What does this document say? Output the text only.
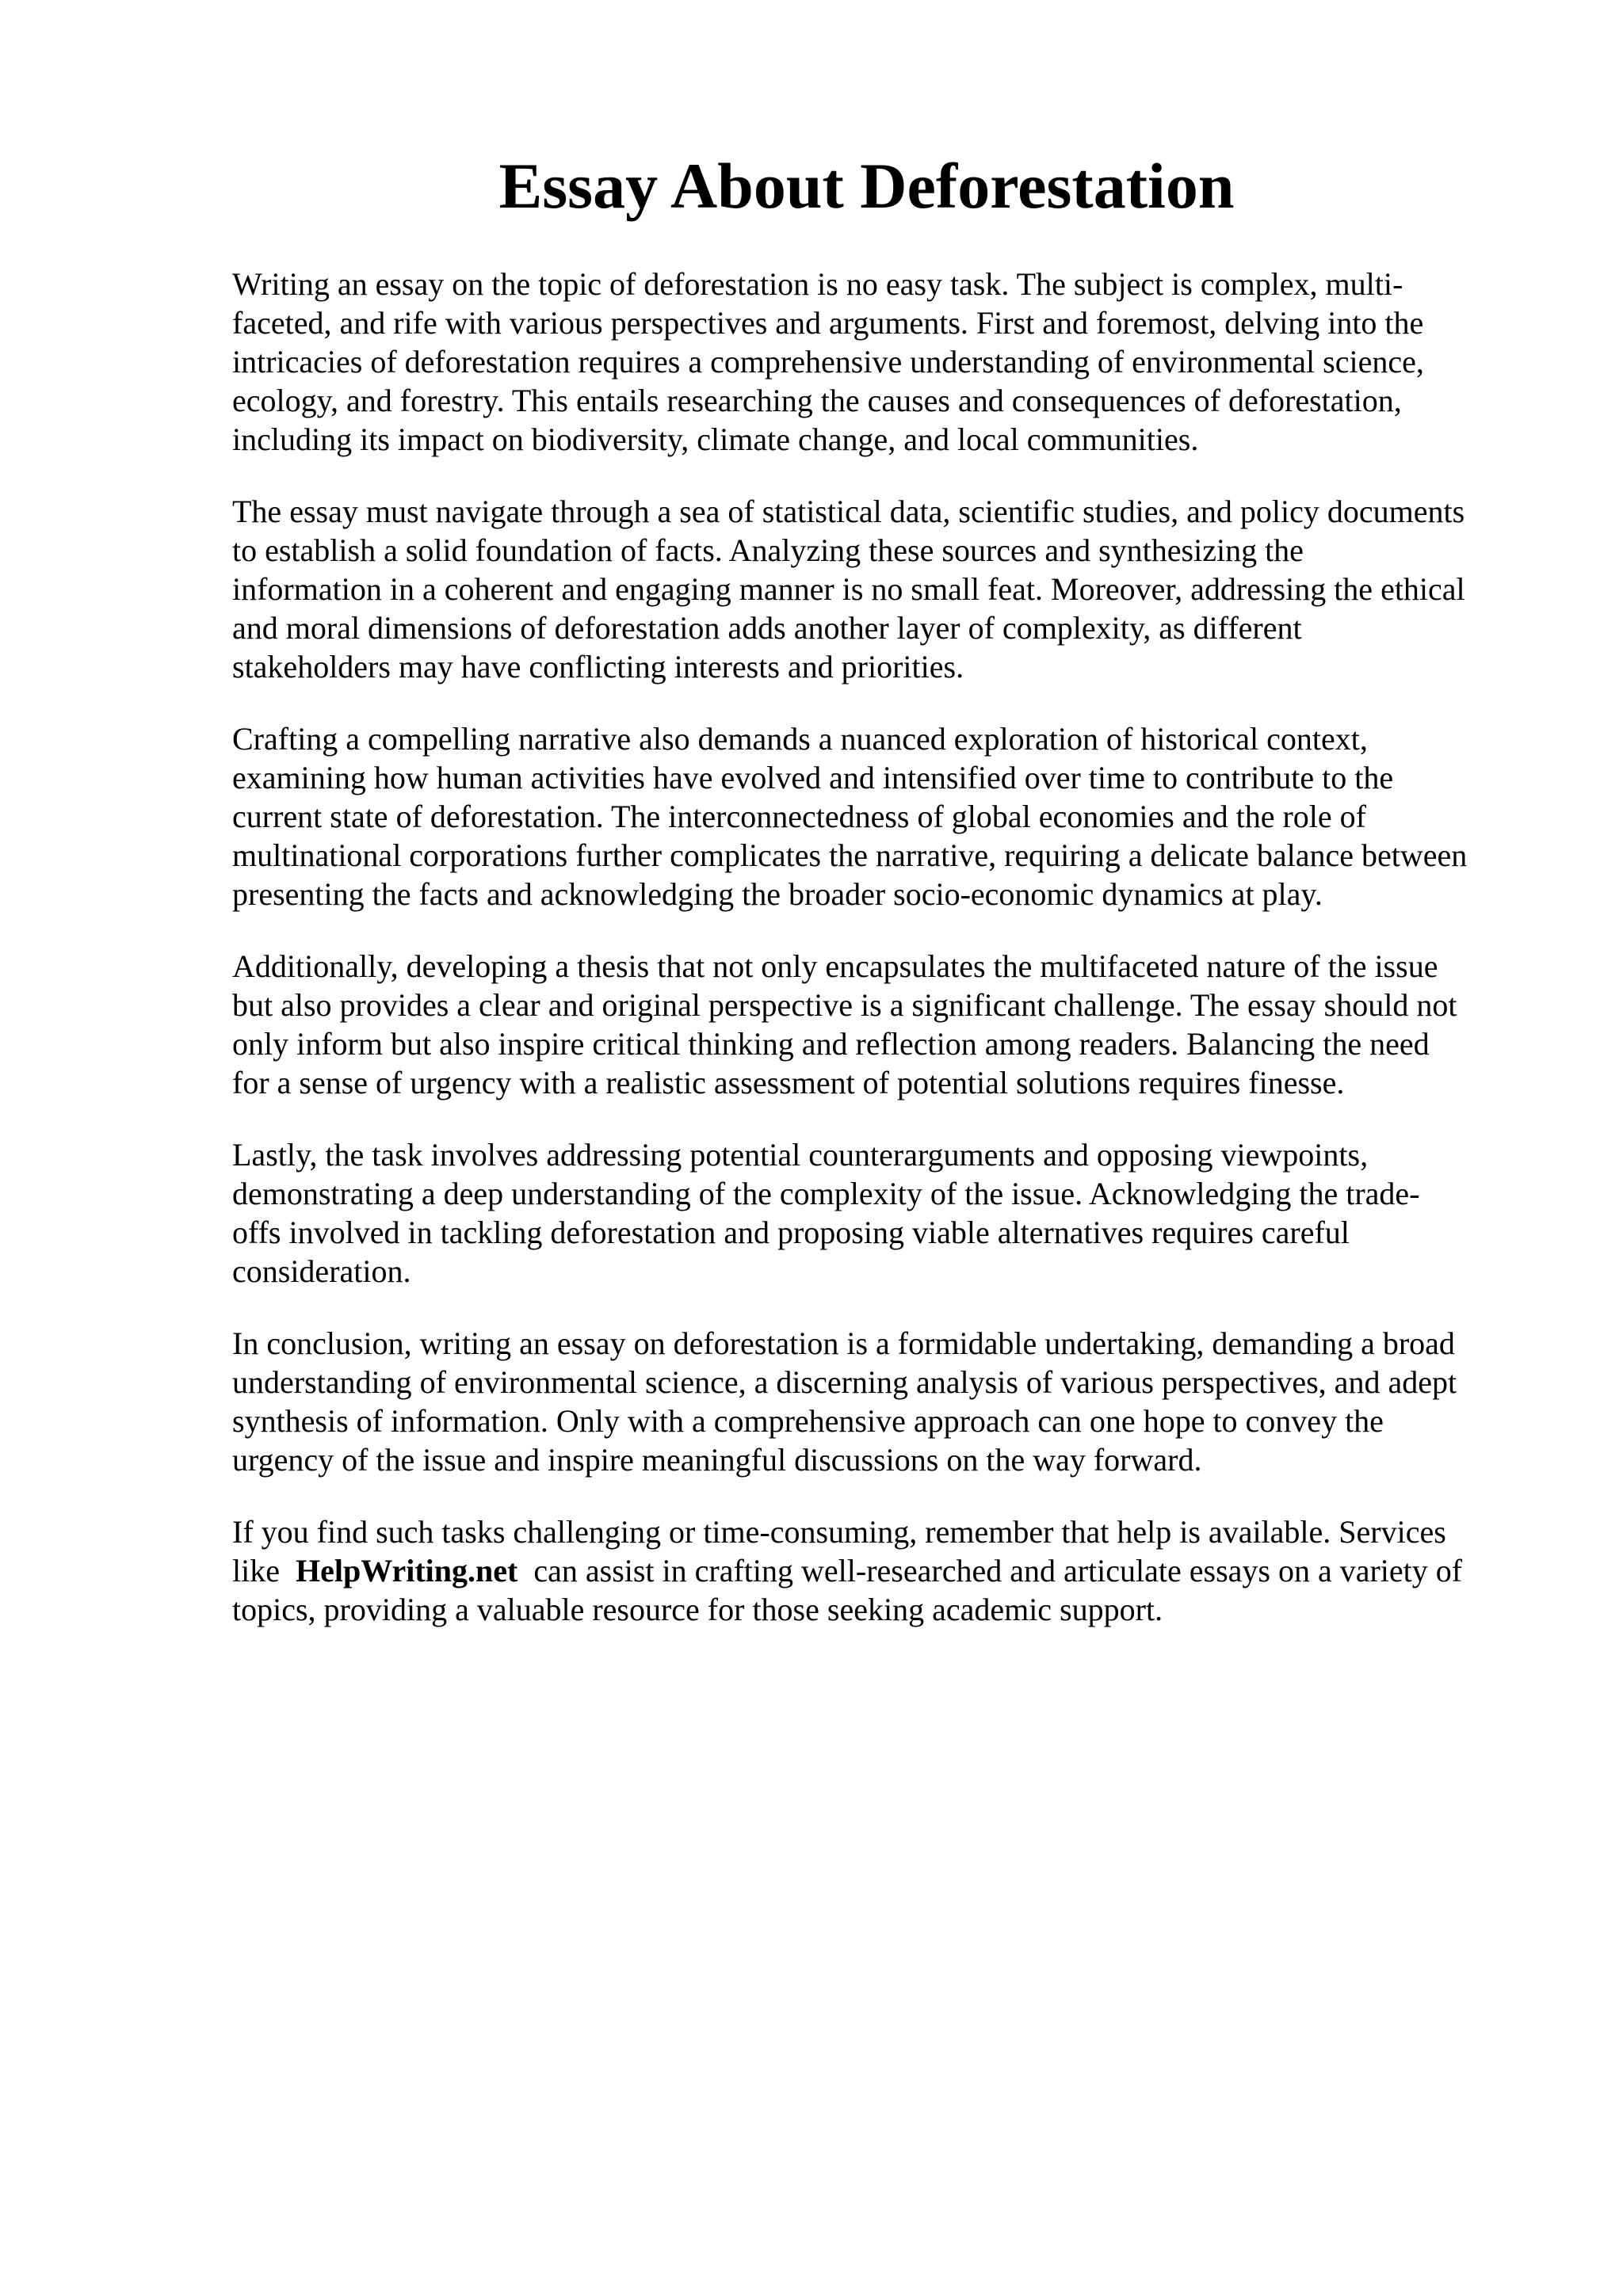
Essay About Deforestation

Writing an essay on the topic of deforestation is no easy task. The subject is complex, multi-
faceted, and rife with various perspectives and arguments. First and foremost, delving into the
intricacies of deforestation requires a comprehensive understanding of environmental science,
ecology, and forestry. This entails researching the causes and consequences of deforestation,
including its impact on biodiversity, climate change, and local communities.

The essay must navigate through a sea of statistical data, scientific studies, and policy documents
to establish a solid foundation of facts. Analyzing these sources and synthesizing the
information in a coherent and engaging manner is no small feat. Moreover, addressing the ethical
and moral dimensions of deforestation adds another layer of complexity, as different
stakeholders may have conflicting interests and priorities.

Crafting a compelling narrative also demands a nuanced exploration of historical context,
examining how human activities have evolved and intensified over time to contribute to the
current state of deforestation. The interconnectedness of global economies and the role of
multinational corporations further complicates the narrative, requiring a delicate balance between
presenting the facts and acknowledging the broader socio-economic dynamics at play.

Additionally, developing a thesis that not only encapsulates the multifaceted nature of the issue
but also provides a clear and original perspective is a significant challenge. The essay should not
only inform but also inspire critical thinking and reflection among readers. Balancing the need
for a sense of urgency with a realistic assessment of potential solutions requires finesse.

Lastly, the task involves addressing potential counterarguments and opposing viewpoints,
demonstrating a deep understanding of the complexity of the issue. Acknowledging the trade-
offs involved in tackling deforestation and proposing viable alternatives requires careful
consideration.

In conclusion, writing an essay on deforestation is a formidable undertaking, demanding a broad
understanding of environmental science, a discerning analysis of various perspectives, and adept
synthesis of information. Only with a comprehensive approach can one hope to convey the
urgency of the issue and inspire meaningful discussions on the way forward.

If you find such tasks challenging or time-consuming, remember that help is available. Services
like HelpWriting.net can assist in crafting well-researched and articulate essays on a variety of
topics, providing a valuable resource for those seeking academic support.
